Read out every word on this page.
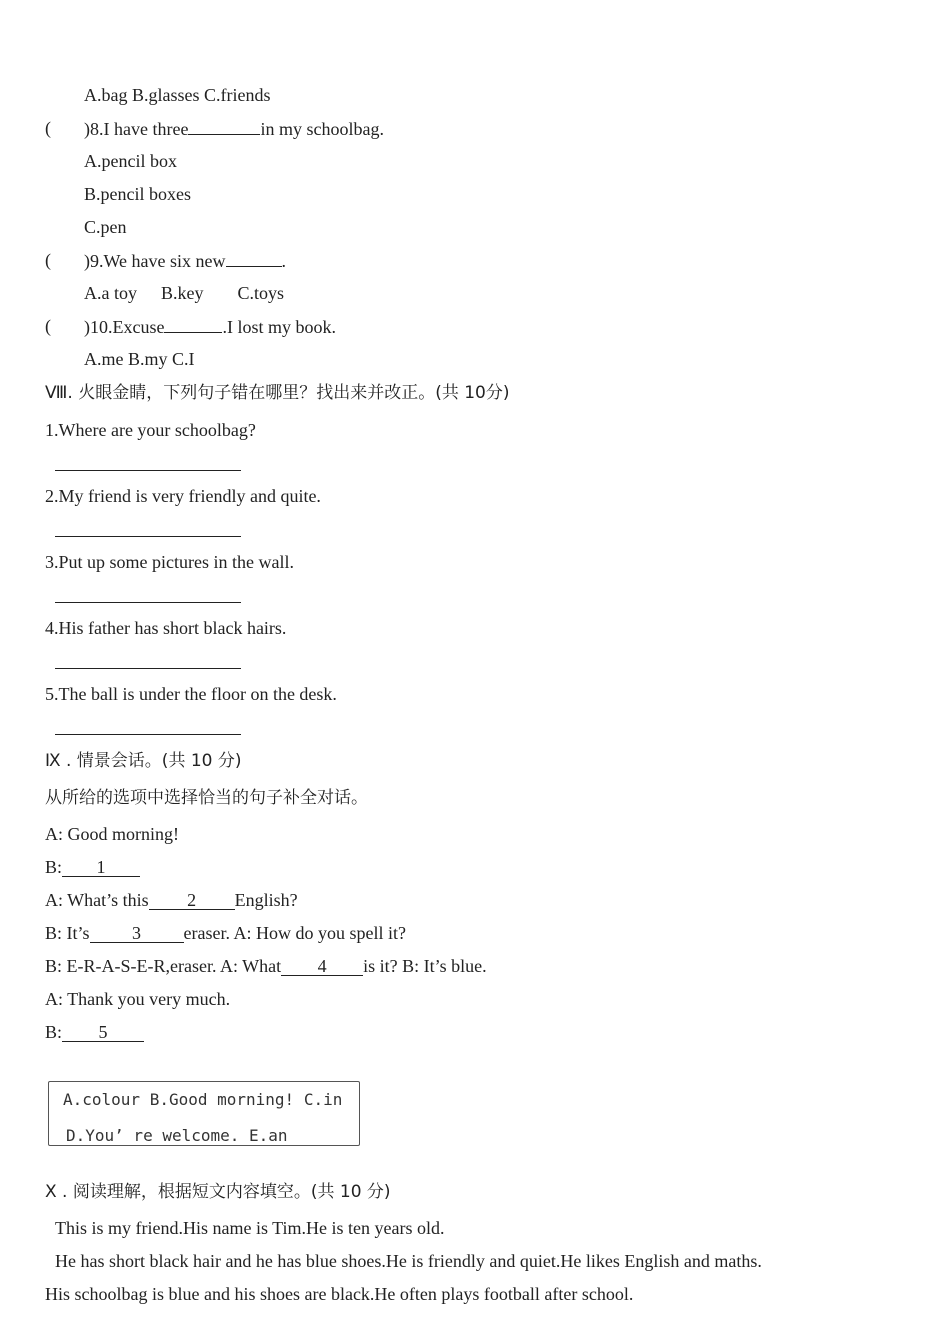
A.bag B.glasses C.friends
( )8.I have three	in my schoolbag.
A.pencil box
B.pencil boxes
C.pen
( )9.We have six new	.
A.a toy B.key C.toys
( )10.Excuse	.I lost my book.
A.me B.my C.I
Ⅷ. 火眼金睛，下列句子错在哪里？找出来并改正。(共 10分)
1.Where are your schoolbag?
2.My friend is very friendly and quite.
3.Put up some pictures in the wall.
4.His father has short black hairs.
5.The ball is under the floor on the desk.
Ⅸ . 情景会话。(共 10 分)
从所给的选项中选择恰当的句子补全对话。
A: Good morning!
B: 1
A: What’s this 2 English?
B: It’s 3 eraser. A: How do you spell it?
B: E-R-A-S-E-R,eraser. A: What 4 is it? B: It’s blue.
A: Thank you very much.
B: 5
A.colour B.Good morning! C.in
D.You’ re welcome. E.an
Ⅹ . 阅读理解，根据短文内容填空。(共 10 分)
This is my friend.His name is Tim.He is ten years old.
He has short black hair and he has blue shoes.He is friendly and quiet.He likes English and maths.
His schoolbag is blue and his shoes are black.He often plays football after school.
